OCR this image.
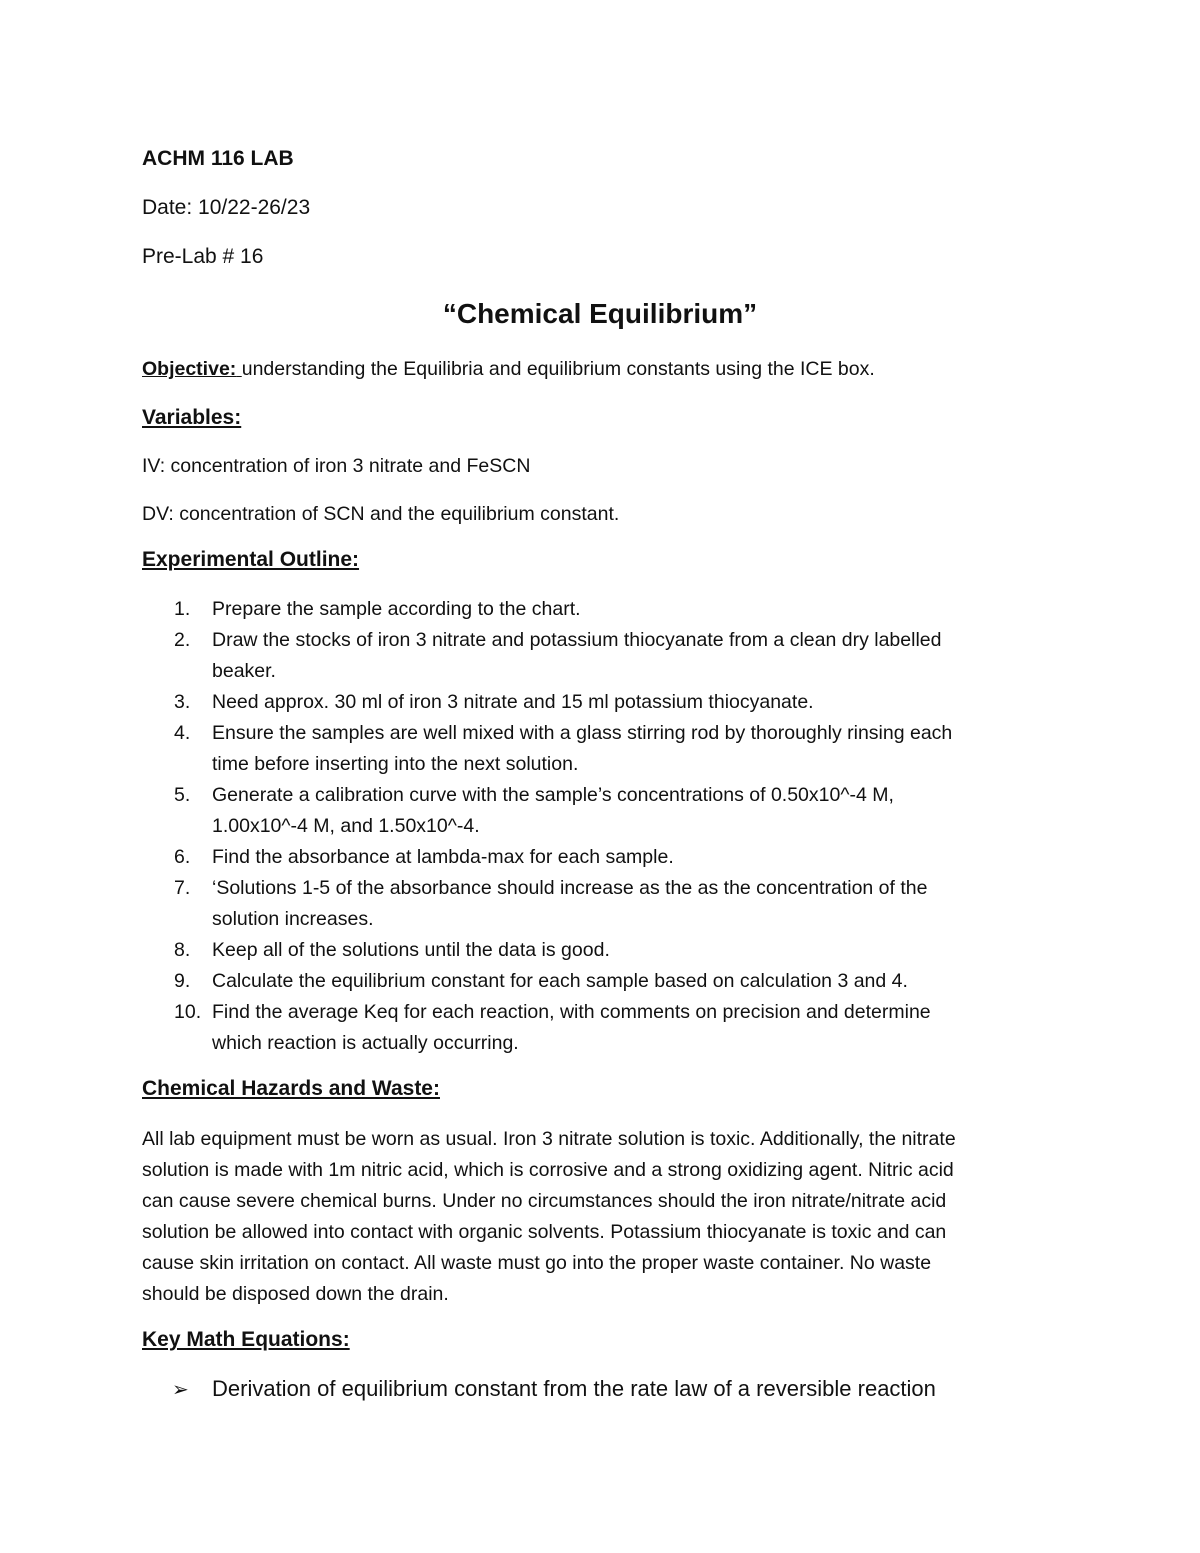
ACHM 116 LAB
Date: 10/22-26/23
Pre-Lab # 16
“Chemical Equilibrium”
Objective: understanding the Equilibria and equilibrium constants using the ICE box.
Variables:
IV: concentration of iron 3 nitrate and FeSCN
DV: concentration of SCN and the equilibrium constant.
Experimental Outline:
1.	Prepare the sample according to the chart.
2.	Draw the stocks of iron 3 nitrate and potassium thiocyanate from a clean dry labelled
beaker.
3.	Need approx. 30 ml of iron 3 nitrate and 15 ml potassium thiocyanate.
4.	Ensure the samples are well mixed with a glass stirring rod by thoroughly rinsing each
time before inserting into the next solution.
5.	Generate a calibration curve with the sample’s concentrations of 0.50x10^-4 M,
1.00x10^-4 M, and 1.50x10^-4.
6.	Find the absorbance at lambda-max for each sample.
7.	‘Solutions 1-5 of the absorbance should increase as the as the concentration of the
solution increases.
8.	Keep all of the solutions until the data is good.
9.	Calculate the equilibrium constant for each sample based on calculation 3 and 4.
10. Find the average Keq for each reaction, with comments on precision and determine
which reaction is actually occurring.
Chemical Hazards and Waste:
All lab equipment must be worn as usual. Iron 3 nitrate solution is toxic. Additionally, the nitrate
solution is made with 1m nitric acid, which is corrosive and a strong oxidizing agent. Nitric acid
can cause severe chemical burns. Under no circumstances should the iron nitrate/nitrate acid
solution be allowed into contact with organic solvents. Potassium thiocyanate is toxic and can
cause skin irritation on contact. All waste must go into the proper waste container. No waste
should be disposed down the drain.
Key Math Equations:
➢ Derivation of equilibrium constant from the rate law of a reversible reaction
